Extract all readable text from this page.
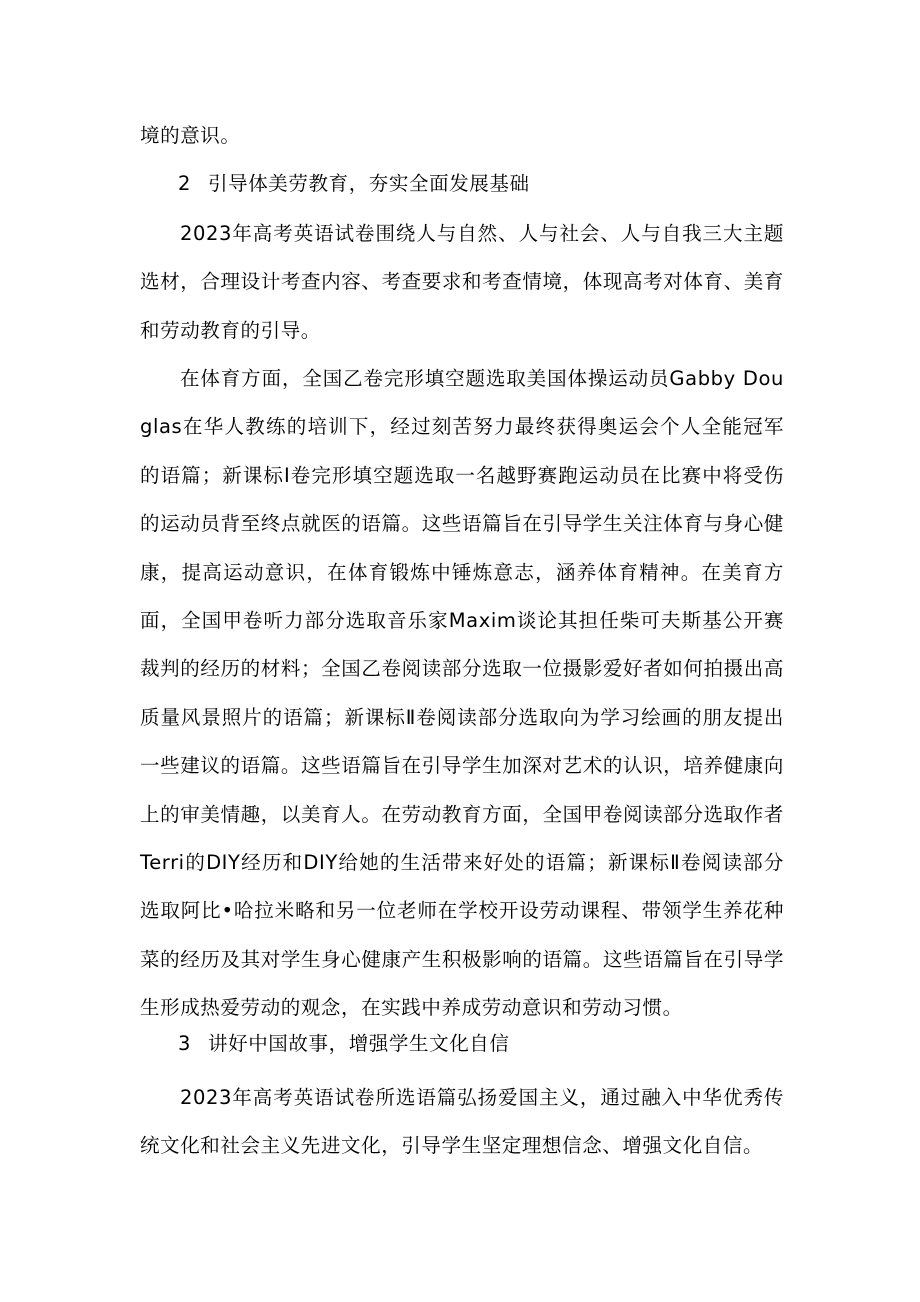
境的意识。

2 引导体美劳教育，夯实全面发展基础

2023年高考英语试卷围绕人与自然、人与社会、人与自我三大主题选材，合理设计考查内容、考查要求和考查情境，体现高考对体育、美育和劳动教育的引导。

在体育方面，全国乙卷完形填空题选取美国体操运动员Gabby Douglas在华人教练的培训下，经过刻苦努力最终获得奥运会个人全能冠军的语篇；新课标Ⅰ卷完形填空题选取一名越野赛跑运动员在比赛中将受伤的运动员背至终点就医的语篇。这些语篇旨在引导学生关注体育与身心健康，提高运动意识，在体育锻炼中锤炼意志，涵养体育精神。在美育方面，全国甲卷听力部分选取音乐家Maxim谈论其担任柴可夫斯基公开赛裁判的经历的材料；全国乙卷阅读部分选取一位摄影爱好者如何拍摄出高质量风景照片的语篇；新课标Ⅱ卷阅读部分选取向为学习绘画的朋友提出一些建议的语篇。这些语篇旨在引导学生加深对艺术的认识，培养健康向上的审美情趣，以美育人。在劳动教育方面，全国甲卷阅读部分选取作者Terri的DIY经历和DIY给她的生活带来好处的语篇；新课标Ⅱ卷阅读部分选取阿比•哈拉米略和另一位老师在学校开设劳动课程、带领学生养花种菜的经历及其对学生身心健康产生积极影响的语篇。这些语篇旨在引导学生形成热爱劳动的观念，在实践中养成劳动意识和劳动习惯。

3 讲好中国故事，增强学生文化自信

2023年高考英语试卷所选语篇弘扬爱国主义，通过融入中华优秀传统文化和社会主义先进文化，引导学生坚定理想信念、增强文化自信。
